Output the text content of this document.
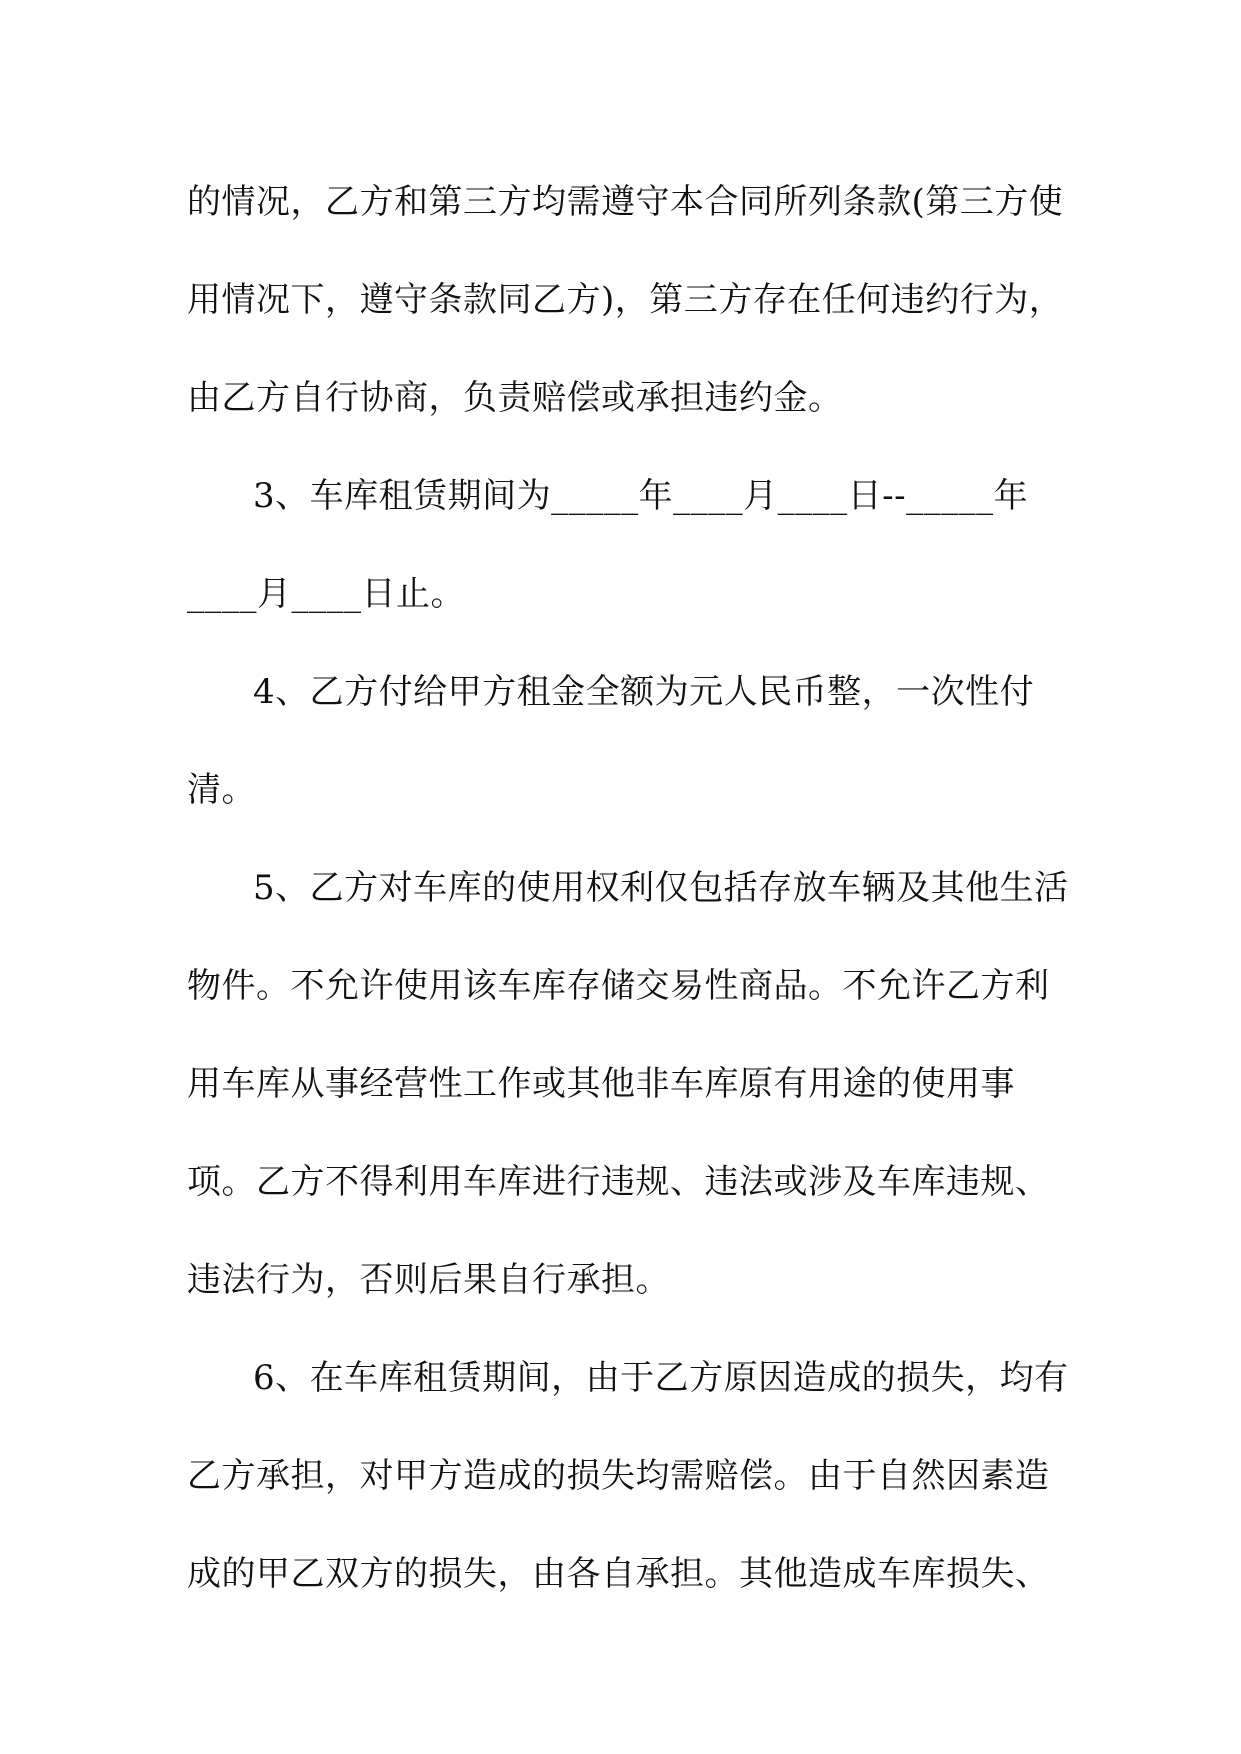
的情况，乙方和第三方均需遵守本合同所列条款(第三方使
用情况下，遵守条款同乙方)，第三方存在任何违约行为，
由乙方自行协商，负责赔偿或承担违约金。
3、车库租赁期间为_____年____月____日--_____年
____月____日止。
4、乙方付给甲方租金全额为元人民币整，一次性付
清。
5、乙方对车库的使用权利仅包括存放车辆及其他生活
物件。不允许使用该车库存储交易性商品。不允许乙方利
用车库从事经营性工作或其他非车库原有用途的使用事
项。乙方不得利用车库进行违规、违法或涉及车库违规、
违法行为，否则后果自行承担。
6、在车库租赁期间，由于乙方原因造成的损失，均有
乙方承担，对甲方造成的损失均需赔偿。由于自然因素造
成的甲乙双方的损失，由各自承担。其他造成车库损失、
